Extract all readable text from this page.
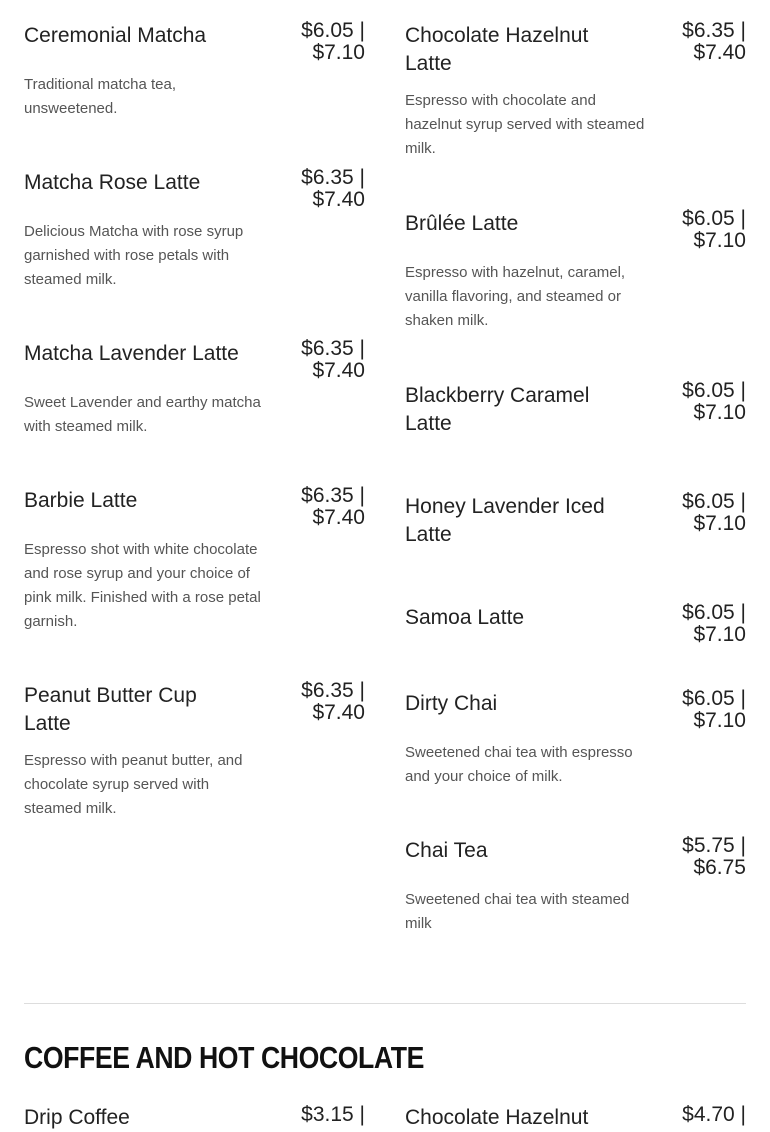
Ceremonial Matcha	$6.05 |
$7.10
Traditional matcha tea, unsweetened.
Matcha Rose Latte	$6.35 |
$7.40
Delicious Matcha with rose syrup garnished with rose petals with steamed milk.
Matcha Lavender Latte	$6.35 |
$7.40
Sweet Lavender and earthy matcha with steamed milk.
Barbie Latte	$6.35 |
$7.40
Espresso shot with white chocolate and rose syrup and your choice of pink milk. Finished with a rose petal garnish.
Peanut Butter Cup Latte
$6.35 |
$7.40
Espresso with peanut butter, and chocolate syrup served with steamed milk.
Chocolate Hazelnut Latte
$6.35 |
$7.40
Espresso with chocolate and hazelnut syrup served with steamed milk.
Brûlée Latte	$6.05 |
$7.10
Espresso with hazelnut, caramel, vanilla flavoring, and steamed or shaken milk.
Blackberry Caramel Latte
$6.05 |
$7.10
Honey Lavender Iced Latte
$6.05 |
$7.10
Samoa Latte	$6.05 |
$7.10
Dirty Chai	$6.05 |
$7.10
Sweetened chai tea with espresso and your choice of milk.
Chai Tea	$5.75 |
$6.75
Sweetened chai tea with steamed milk
COFFEE AND HOT CHOCOLATE
Drip Coffee	$3.15 | Chocolate Hazelnut	$4.70 |
